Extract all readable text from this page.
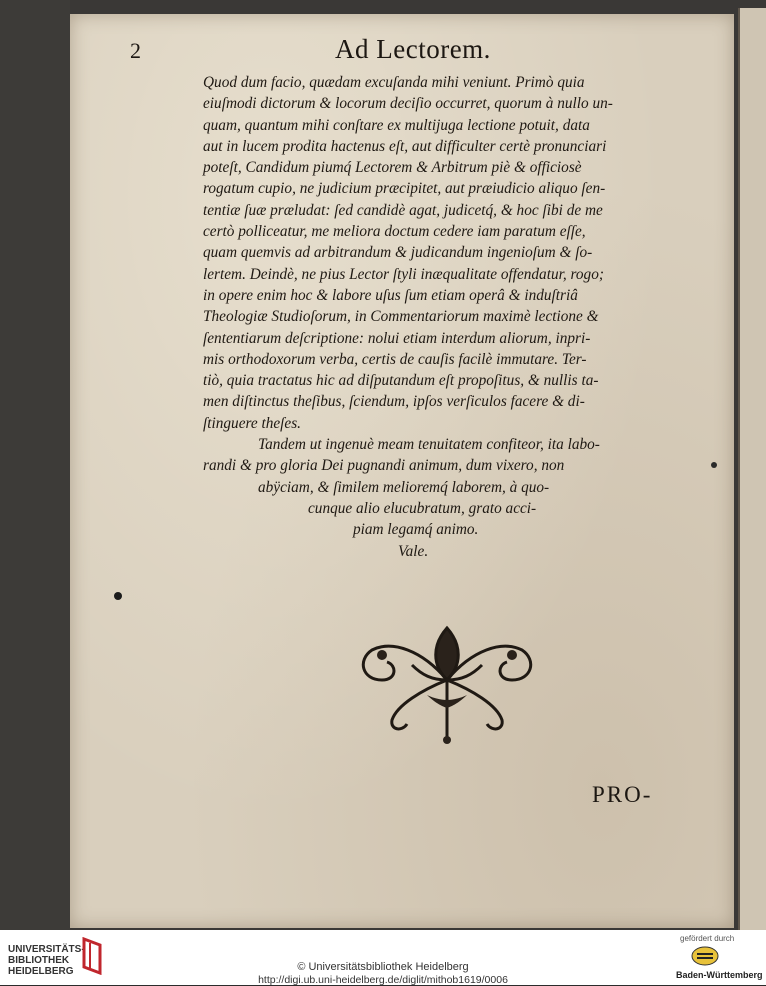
2	Ad Lectorem.
Quod dum facio, quædam excuſanda mihi veniunt. Primò quia
eiuſmodi dictorum & locorum deciſio occurret, quorum à nullo un-
quam, quantum mihi conſtare ex multijuga lectione potuit, data
aut in lucem prodita hactenus eſt, aut difficulter certè pronunciari
poteſt, Candidum piumq́ Lectorem & Arbitrum piè & officiosè
rogatum cupio, ne judicium præcipitet, aut præiudicio aliquo ſen-
tentiæ ſuæ præludat: ſed candidè agat, judicetq́, & hoc ſibi de me
certò polliceatur, me meliora doctum cedere iam paratum eſſe,
quam quemvis ad arbitrandum & judicandum ingenioſum & ſo-
lertem. Deindè, ne pius Lector ſtyli inæqualitate offendatur, rogo;
in opere enim hoc & labore uſus ſum etiam operâ & induſtriâ
Theologiæ Studioſorum, in Commentariorum maximè lectione &
ſententiarum deſcriptione: nolui etiam interdum aliorum, inpri-
mis orthodoxorum verba, certis de cauſis facilè immutare. Ter-
tiò, quia tractatus hic ad diſputandum eſt propoſitus, & nullis ta-
men diſtinctus theſibus, ſciendum, ipſos verſiculos facere & di-
ſtinguere theſes.
Tandem ut ingenuè meam tenuitatem confiteor, ita labo-
randi & pro gloria Dei pugnandi animum, dum vixero, non
abÿciam, & ſimilem melioremq́ laborem, à quo-
cunque alio elucubratum, grato acci-
piam legamq́ animo.
Vale.
PRO-
UNIVERSITÄTS-
BIBLIOTHEK
HEIDELBERG	© Universitätsbibliothek Heidelberg
http://digi.ub.uni-heidelberg.de/diglit/mithob1619/0006
gefördert durch
Baden-Württemberg
